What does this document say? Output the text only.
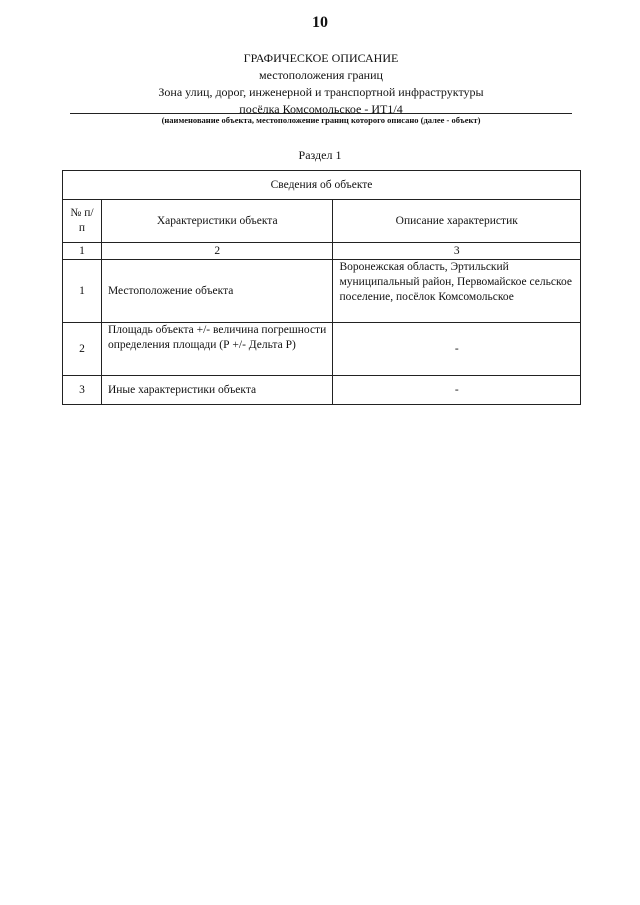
10
ГРАФИЧЕСКОЕ ОПИСАНИЕ
местоположения границ
Зона улиц, дорог, инженерной и транспортной инфраструктуры
посёлка Комсомольское - ИТ1/4
(наименование объекта, местоположение границ которого описано (далее - объект)
Раздел 1
Сведения об объекте		
№ п/п	Характеристики объекта	Описание характеристик
1	2	3
1	Местоположение объекта	Воронежская область, Эртильский муниципальный район, Первомайское сельское поселение, посёлок Комсомольское
2	Площадь объекта +/- величина погрешности определения площади (Р +/- Дельта Р)	-
3	Иные характеристики объекта	-
